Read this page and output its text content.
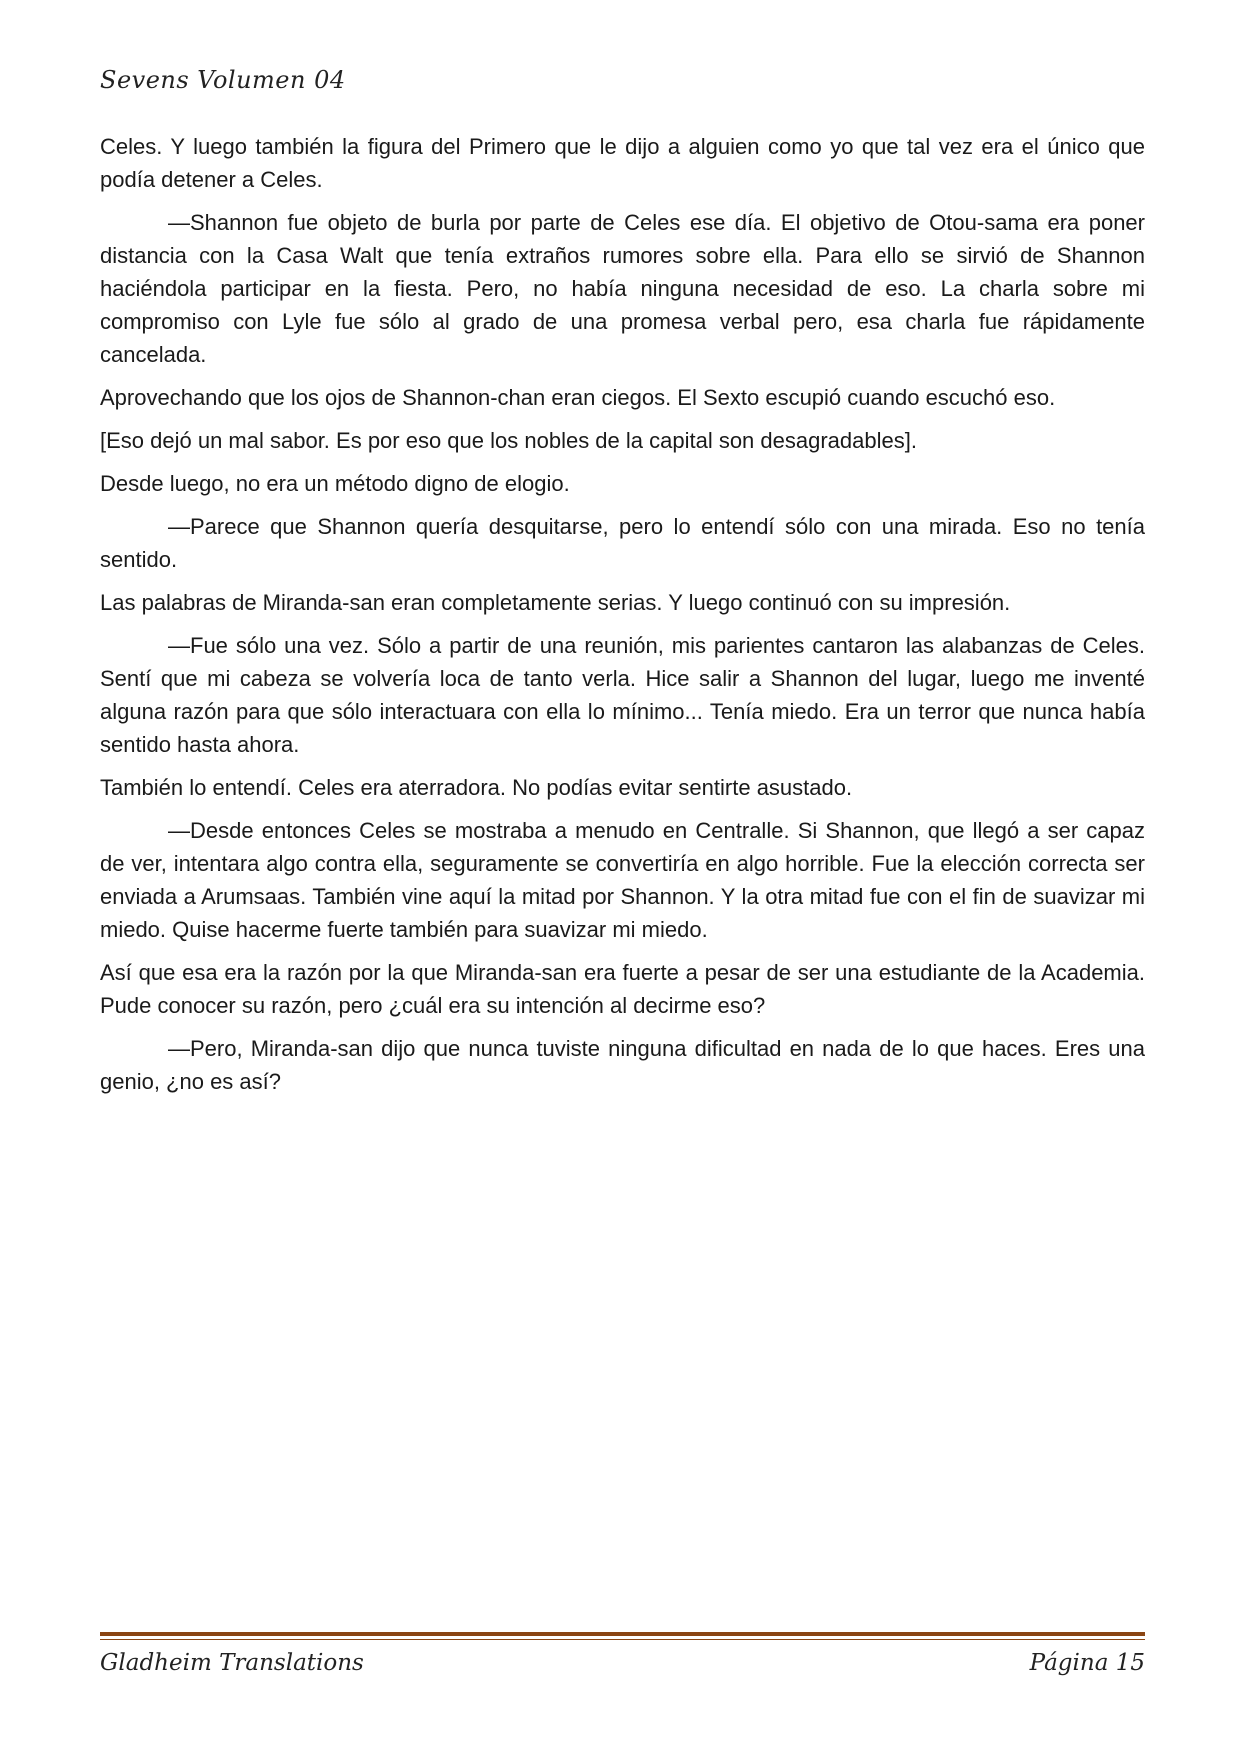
Sevens Volumen 04

Celes. Y luego también la figura del Primero que le dijo a alguien como yo que tal vez era el único que podía detener a Celes.

—Shannon fue objeto de burla por parte de Celes ese día. El objetivo de Otou-sama era poner distancia con la Casa Walt que tenía extraños rumores sobre ella. Para ello se sirvió de Shannon haciéndola participar en la fiesta. Pero, no había ninguna necesidad de eso. La charla sobre mi compromiso con Lyle fue sólo al grado de una promesa verbal pero, esa charla fue rápidamente cancelada.

Aprovechando que los ojos de Shannon-chan eran ciegos. El Sexto escupió cuando escuchó eso.

[Eso dejó un mal sabor. Es por eso que los nobles de la capital son desagradables].

Desde luego, no era un método digno de elogio.

—Parece que Shannon quería desquitarse, pero lo entendí sólo con una mirada. Eso no tenía sentido.

Las palabras de Miranda-san eran completamente serias. Y luego continuó con su impresión.

—Fue sólo una vez. Sólo a partir de una reunión, mis parientes cantaron las alabanzas de Celes. Sentí que mi cabeza se volvería loca de tanto verla. Hice salir a Shannon del lugar, luego me inventé alguna razón para que sólo interactuara con ella lo mínimo... Tenía miedo. Era un terror que nunca había sentido hasta ahora.

También lo entendí. Celes era aterradora. No podías evitar sentirte asustado.

—Desde entonces Celes se mostraba a menudo en Centralle. Si Shannon, que llegó a ser capaz de ver, intentara algo contra ella, seguramente se convertiría en algo horrible. Fue la elección correcta ser enviada a Arumsaas. También vine aquí la mitad por Shannon. Y la otra mitad fue con el fin de suavizar mi miedo. Quise hacerme fuerte también para suavizar mi miedo.

Así que esa era la razón por la que Miranda-san era fuerte a pesar de ser una estudiante de la Academia. Pude conocer su razón, pero ¿cuál era su intención al decirme eso?

—Pero, Miranda-san dijo que nunca tuviste ninguna dificultad en nada de lo que haces. Eres una genio, ¿no es así?

Gladheim Translations	Página 15
